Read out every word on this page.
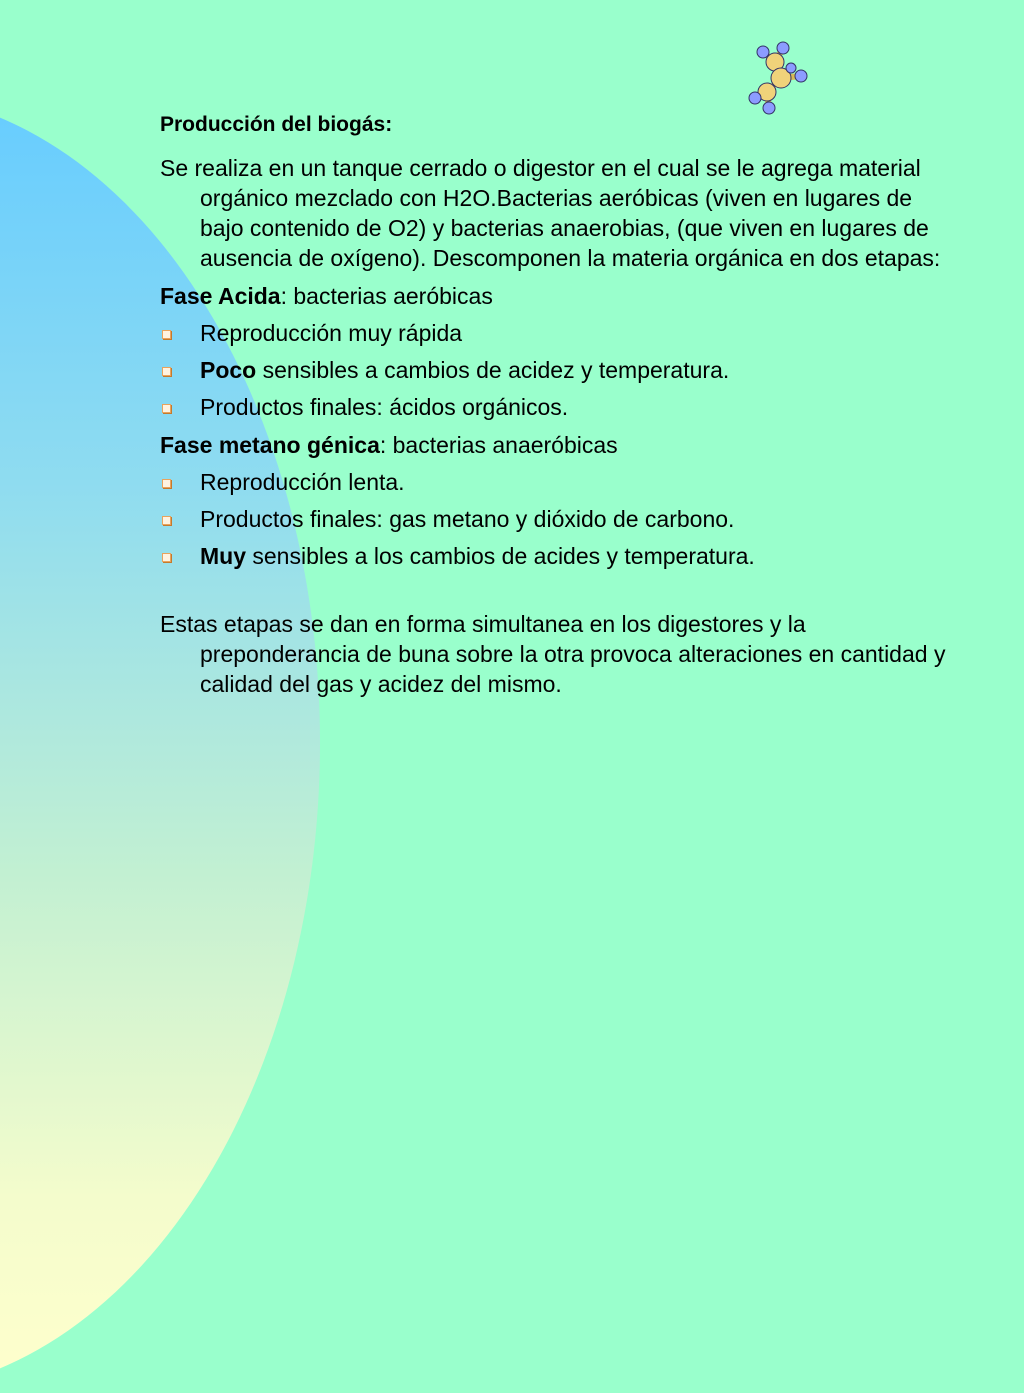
Producción del biogás:
Se realiza en un tanque cerrado o digestor en el cual se le agrega material orgánico mezclado con H2O.Bacterias aeróbicas (viven en lugares de bajo contenido de O2) y bacterias anaerobias, (que viven en lugares de ausencia de oxígeno). Descomponen la materia orgánica en dos etapas:
Fase Acida: bacterias aeróbicas
Reproducción muy rápida
Poco sensibles a cambios de acidez y temperatura.
Productos finales: ácidos orgánicos.
Fase metano génica: bacterias anaeróbicas
Reproducción lenta.
Productos finales: gas metano y dióxido de carbono.
Muy sensibles a los cambios de acides y temperatura.
Estas etapas se dan en forma simultanea en los digestores y la preponderancia de buna sobre la otra provoca alteraciones en cantidad y calidad del gas y acidez del mismo.
